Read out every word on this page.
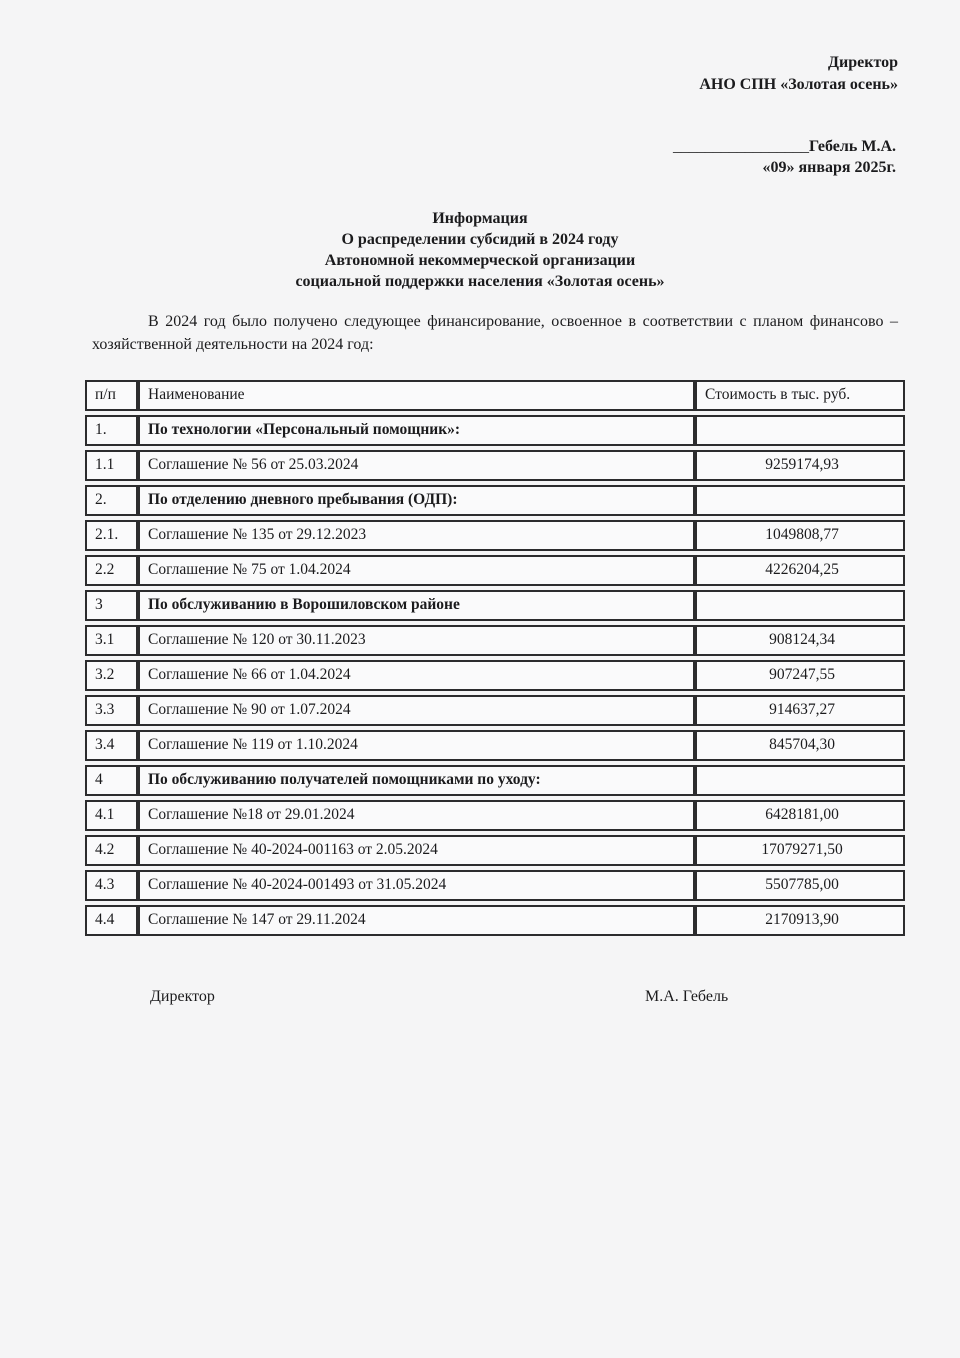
Директор
АНО СПН «Золотая осень»
_________________Гебель М.А.
«09» января 2025г.
Информация
О распределении субсидий в 2024 году
Автономной некоммерческой организации
социальной поддержки населения «Золотая осень»

В 2024 год было получено следующее финансирование, освоенное в соответствии с планом финансово – хозяйственной деятельности на 2024 год:

п/п	Наименование	Стоимость в тыс. руб.
1.	По технологии «Персональный помощник»:	
1.1	Соглашение № 56 от 25.03.2024	9259174,93
2.	По отделению дневного пребывания (ОДП):	
2.1.	Соглашение № 135 от 29.12.2023	1049808,77
2.2	Соглашение № 75 от 1.04.2024	4226204,25
3	По обслуживанию в Ворошиловском районе	
3.1	Соглашение № 120 от 30.11.2023	908124,34
3.2	Соглашение № 66 от 1.04.2024	907247,55
3.3	Соглашение № 90 от 1.07.2024	914637,27
3.4	Соглашение № 119 от 1.10.2024	845704,30
4	По обслуживанию получателей помощниками по уходу:	
4.1	Соглашение №18 от 29.01.2024	6428181,00
4.2	Соглашение № 40-2024-001163 от 2.05.2024	17079271,50
4.3	Соглашение № 40-2024-001493 от 31.05.2024	5507785,00
4.4	Соглашение № 147 от 29.11.2024	2170913,90
Директор	М.А. Гебель
